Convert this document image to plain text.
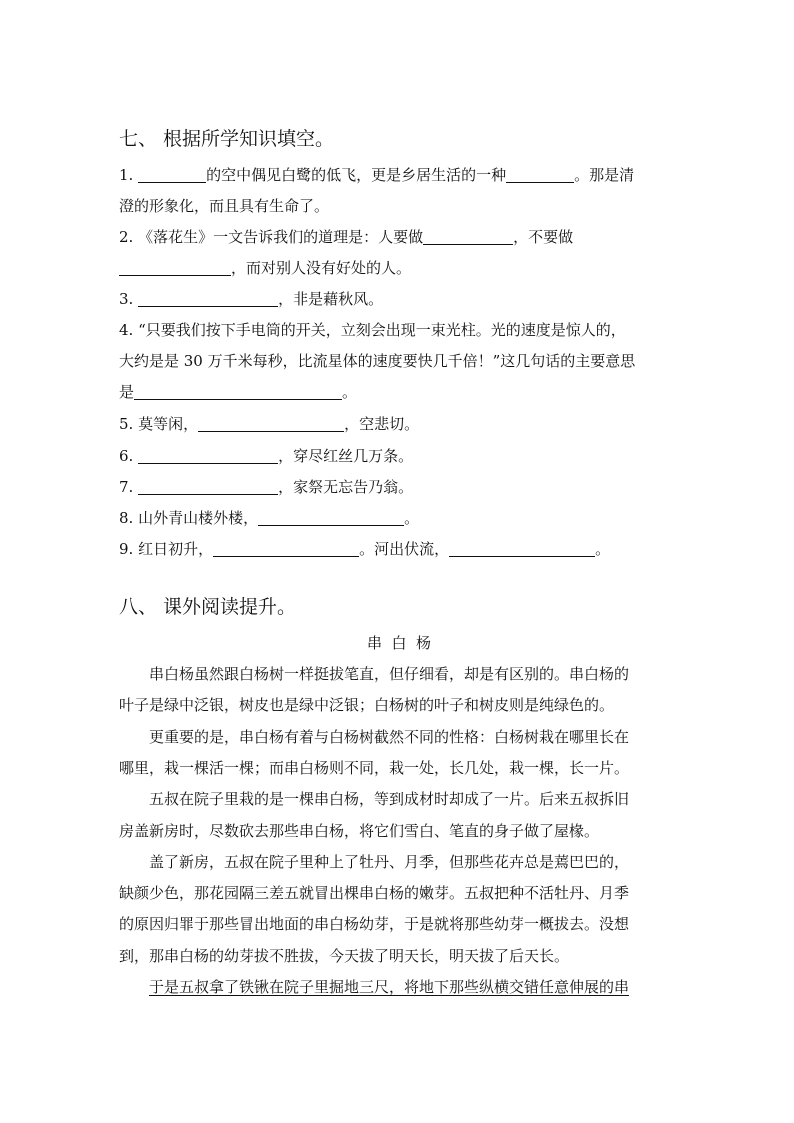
七、 根据所学知识填空。
1.	的空中偶见白鹭的低飞，更是乡居生活的一种	。那是清
澄的形象化，而且具有生命了。
2. 《落花生》一文告诉我们的道理是：人要做	，不要做
，而对别人没有好处的人。
3.	，非是藉秋风。
4. “只要我们按下手电筒的开关，立刻会出现一束光柱。光的速度是惊人的，
大约是是 30 万千米每秒，比流星体的速度要快几千倍！”这几句话的主要意思
是	。
5. 莫等闲，	，空悲切。
6.	，穿尽红丝几万条。
7.	，家祭无忘告乃翁。
8. 山外青山楼外楼，	。
9. 红日初升，	。河出伏流，	。
八、 课外阅读提升。
串  白  杨
串白杨虽然跟白杨树一样挺拔笔直，但仔细看，却是有区别的。串白杨的
叶子是绿中泛银，树皮也是绿中泛银；白杨树的叶子和树皮则是纯绿色的。
更重要的是，串白杨有着与白杨树截然不同的性格：白杨树栽在哪里长在
哪里，栽一棵活一棵；而串白杨则不同，栽一处，长几处，栽一棵，长一片。
五叔在院子里栽的是一棵串白杨，等到成材时却成了一片。后来五叔拆旧
房盖新房时，尽数砍去那些串白杨，将它们雪白、笔直的身子做了屋椽。
盖了新房，五叔在院子里种上了牡丹、月季，但那些花卉总是蔫巴巴的，
缺颜少色，那花园隔三差五就冒出棵串白杨的嫩芽。五叔把种不活牡丹、月季
的原因归罪于那些冒出地面的串白杨幼芽，于是就将那些幼芽一概拔去。没想
到，那串白杨的幼芽拔不胜拔，今天拔了明天长，明天拔了后天长。
于是五叔拿了铁锹在院子里掘地三尺，将地下那些纵横交错任意伸展的串
